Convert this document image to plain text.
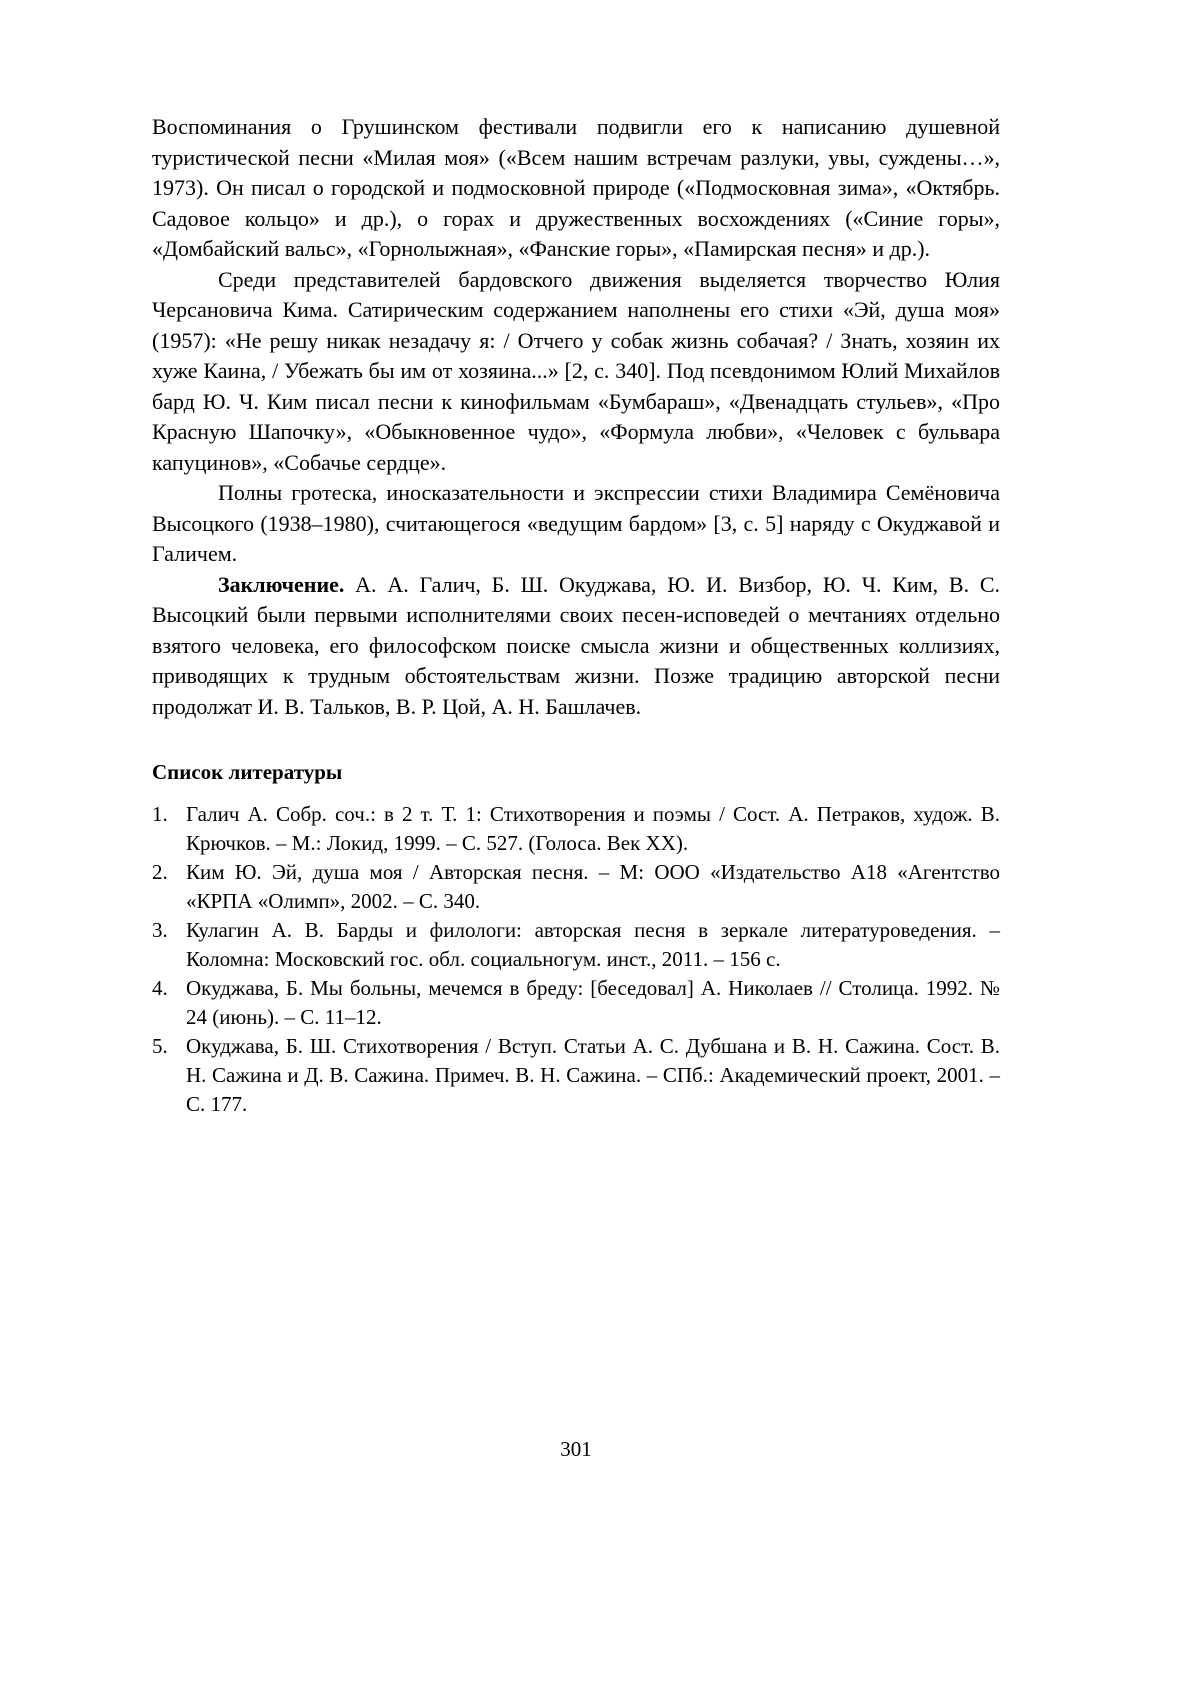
Воспоминания о Грушинском фестивали подвигли его к написанию душевной туристической песни «Милая моя» («Всем нашим встречам разлуки, увы, суждены…», 1973). Он писал о городской и подмосковной природе («Подмосковная зима», «Октябрь. Садовое кольцо» и др.), о горах и дружественных восхождениях («Синие горы», «Домбайский вальс», «Горнолыжная», «Фанские горы», «Памирская песня» и др.).

Среди представителей бардовского движения выделяется творчество Юлия Черсановича Кима. Сатирическим содержанием наполнены его стихи «Эй, душа моя» (1957): «Не решу никак незадачу я: / Отчего у собак жизнь собачая? / Знать, хозяин их хуже Каина, / Убежать бы им от хозяина...» [2, с. 340]. Под псевдонимом Юлий Михайлов бард Ю. Ч. Ким писал песни к кинофильмам «Бумбараш», «Двенадцать стульев», «Про Красную Шапочку», «Обыкновенное чудо», «Формула любви», «Человек с бульвара капуцинов», «Собачье сердце».

Полны гротеска, иносказательности и экспрессии стихи Владимира Семёновича Высоцкого (1938–1980), считающегося «ведущим бардом» [3, с. 5] наряду с Окуджавой и Галичем.

Заключение. А. А. Галич, Б. Ш. Окуджава, Ю. И. Визбор, Ю. Ч. Ким, В. С. Высоцкий были первыми исполнителями своих песен-исповедей о мечтаниях отдельно взятого человека, его философском поиске смысла жизни и общественных коллизиях, приводящих к трудным обстоятельствам жизни. Позже традицию авторской песни продолжат И. В. Тальков, В. Р. Цой, А. Н. Башлачев.

Список литературы
1. Галич А. Собр. соч.: в 2 т. Т. 1: Стихотворения и поэмы / Сост. А. Петраков, худож. В. Крючков. – М.: Локид, 1999. – С. 527. (Голоса. Век XX).
2. Ким Ю. Эй, душа моя / Авторская песня. – М: ООО «Издательство А18 «Агентство «КРПА «Олимп», 2002. – С. 340.
3. Кулагин А. В. Барды и филологи: авторская песня в зеркале литературоведения. – Коломна: Московский гос. обл. социальногум. инст., 2011. – 156 с.
4. Окуджава, Б. Мы больны, мечемся в бреду: [беседовал] А. Николаев // Столица. 1992. № 24 (июнь). – С. 11–12.
5. Окуджава, Б. Ш. Стихотворения / Вступ. Статьи А. С. Дубшана и В. Н. Сажина. Сост. В. Н. Сажина и Д. В. Сажина. Примеч. В. Н. Сажина. – СПб.: Академический проект, 2001. – С. 177.
301
